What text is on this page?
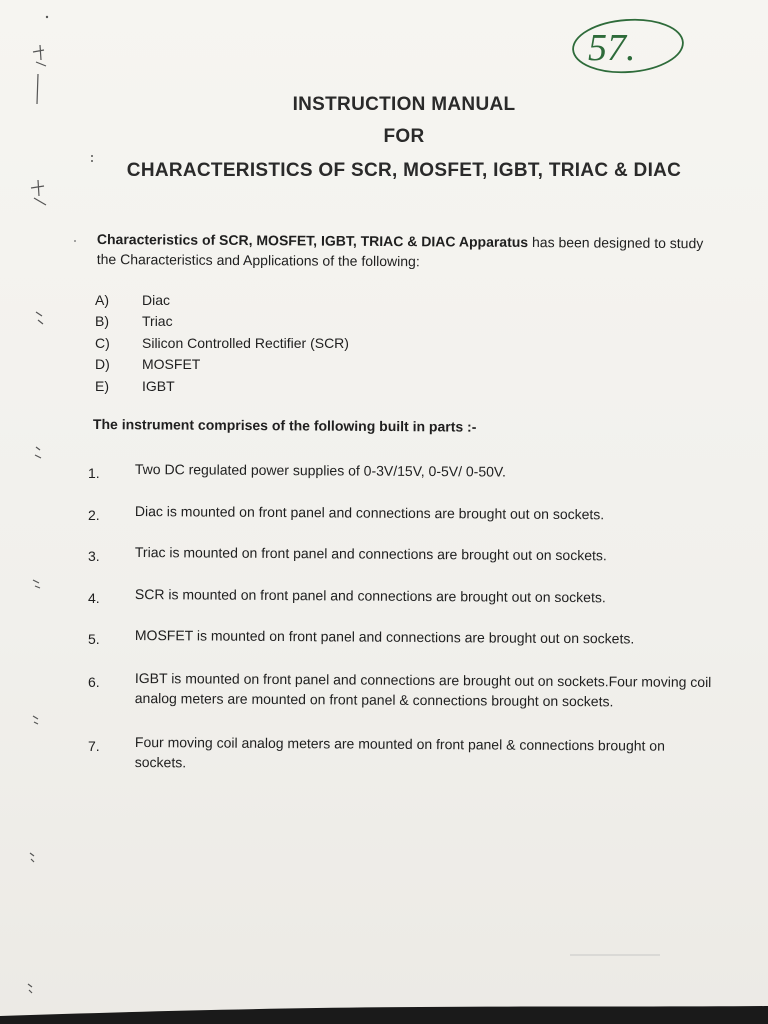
57.
INSTRUCTION MANUAL
FOR
CHARACTERISTICS OF SCR, MOSFET, IGBT, TRIAC & DIAC
Characteristics of SCR, MOSFET, IGBT, TRIAC & DIAC Apparatus has been designed to study the Characteristics and Applications of the following:
A)	Diac
B)	Triac
C)	Silicon Controlled Rectifier (SCR)
D)	MOSFET
E)	IGBT
The instrument comprises of the following built in parts :-
1.	Two DC regulated power supplies of 0-3V/15V, 0-5V/ 0-50V.
2.	Diac is mounted on front panel and connections are brought out on sockets.
3.	Triac is mounted on front panel and connections are brought out on sockets.
4.	SCR is mounted on front panel and connections are brought out on sockets.
5.	MOSFET is mounted on front panel and connections are brought out on sockets.
6.	IGBT is mounted on front panel and connections are brought out on sockets.Four moving coil analog meters are mounted on front panel & connections brought on sockets.
7.	Four moving coil analog meters are mounted on front panel & connections brought on sockets.
